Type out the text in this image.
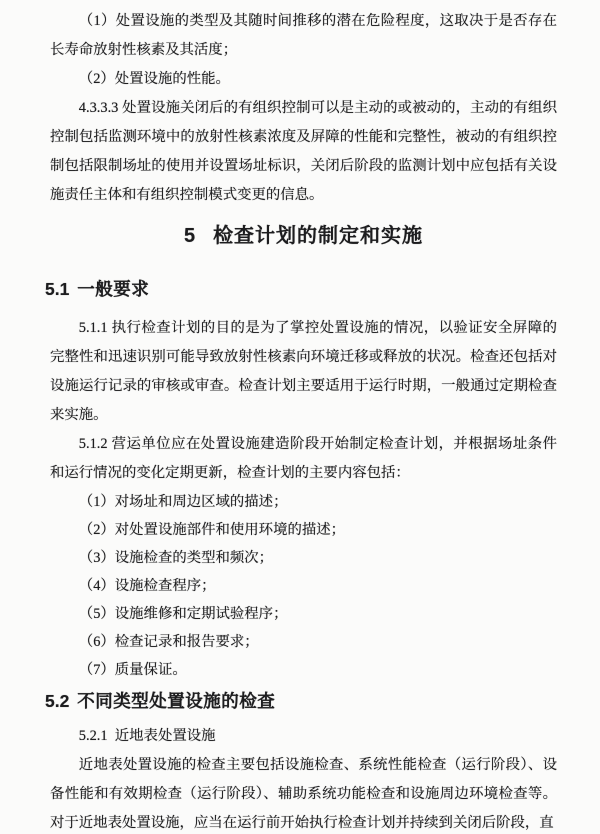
（1）处置设施的类型及其随时间推移的潜在危险程度，这取决于是否存在长寿命放射性核素及其活度；

（2）处置设施的性能。

4.3.3.3 处置设施关闭后的有组织控制可以是主动的或被动的，主动的有组织控制包括监测环境中的放射性核素浓度及屏障的性能和完整性，被动的有组织控制包括限制场址的使用并设置场址标识，关闭后阶段的监测计划中应包括有关设施责任主体和有组织控制模式变更的信息。

5 检查计划的制定和实施
5.1 一般要求

5.1.1 执行检查计划的目的是为了掌控处置设施的情况，以验证安全屏障的完整性和迅速识别可能导致放射性核素向环境迁移或释放的状况。检查还包括对设施运行记录的审核或审查。检查计划主要适用于运行时期，一般通过定期检查来实施。

5.1.2 营运单位应在处置设施建造阶段开始制定检查计划，并根据场址条件和运行情况的变化定期更新，检查计划的主要内容包括：

（1）对场址和周边区域的描述；

（2）对处置设施部件和使用环境的描述；

（3）设施检查的类型和频次；

（4）设施检查程序；

（5）设施维修和定期试验程序；

（6）检查记录和报告要求；

（7）质量保证。

5.2 不同类型处置设施的检查
5.2.1 近地表处置设施

近地表处置设施的检查主要包括设施检查、系统性能检查（运行阶段）、设备性能和有效期检查（运行阶段）、辅助系统功能检查和设施周边环境检查等。对于近地表处置设施，应当在运行前开始执行检查计划并持续到关闭后阶段，直
